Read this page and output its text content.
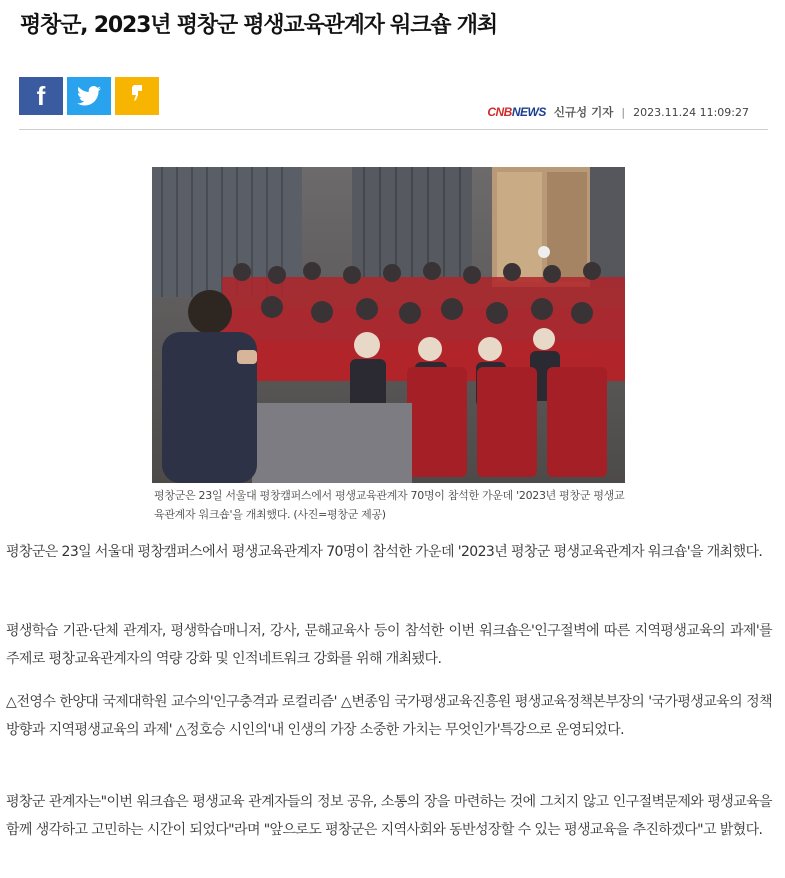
평창군, 2023년 평창군 평생교육관계자 워크숍 개최
f
CNBNEWS 신규성 기자 | 2023.11.24 11:09:27
평창군은 23일 서울대 평창캠퍼스에서 평생교육관계자 70명이 참석한 가운데 '2023년 평창군 평생교육관계자 워크숍'을 개최했다. (사진=평창군 제공)

평창군은 23일 서울대 평창캠퍼스에서 평생교육관계자 70명이 참석한 가운데 '2023년 평창군 평생교육관계자 워크숍'을 개최했다.

평생학습 기관·단체 관계자, 평생학습매니저, 강사, 문해교육사 등이 참석한 이번 워크숍은'인구절벽에 따른 지역평생교육의 과제'를 주제로 평창교육관계자의 역량 강화 및 인적네트워크 강화를 위해 개최됐다.

△전영수 한양대 국제대학원 교수의'인구충격과 로컬리즘' △변종임 국가평생교육진흥원 평생교육정책본부장의 '국가평생교육의 정책 방향과 지역평생교육의 과제' △정호승 시인의'내 인생의 가장 소중한 가치는 무엇인가'특강으로 운영되었다.

평창군 관계자는"이번 워크숍은 평생교육 관계자들의 정보 공유, 소통의 장을 마련하는 것에 그치지 않고 인구절벽문제와 평생교육을 함께 생각하고 고민하는 시간이 되었다"라며 "앞으로도 평창군은 지역사회와 동반성장할 수 있는 평생교육을 추진하겠다"고 밝혔다.
